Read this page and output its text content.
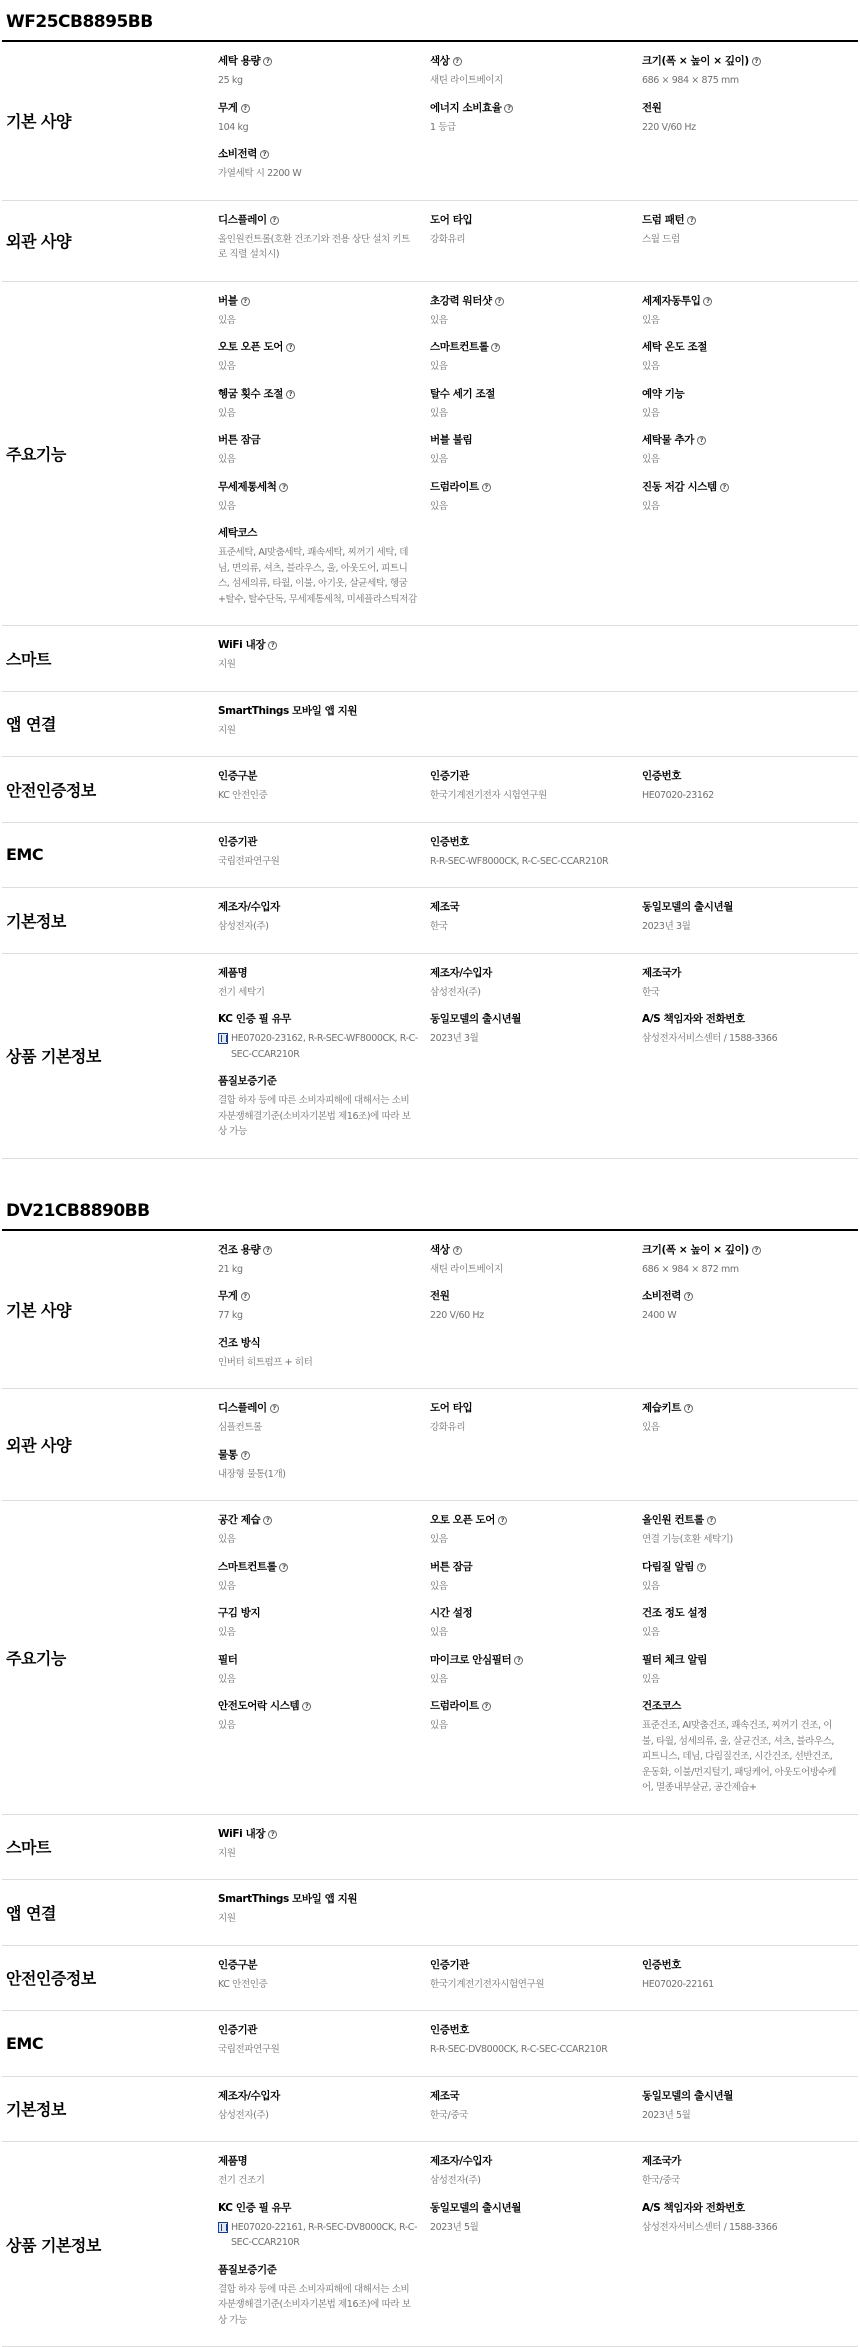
WF25CB8895BB
기본 사양
세탁 용량 ?
25 kg
색상 ?
새틴 라이트베이지
크기(폭 × 높이 × 깊이) ?
686 × 984 × 875 mm
무게 ?
104 kg
에너지 소비효율 ?
1 등급
전원
220 V/60 Hz
소비전력 ?
가열세탁 시 2200 W
외관 사양
디스플레이 ?
올인원컨트롤(호환 건조기와 전용 상단 설치 키트로 직렬 설치시)
도어 타입
강화유리
드럼 패턴 ?
스월 드럼
주요기능
버블 ?
있음
초강력 워터샷 ?
있음
세제자동투입 ?
있음
오토 오픈 도어 ?
있음
스마트컨트롤 ?
있음
세탁 온도 조절
있음
헹굼 횟수 조절 ?
있음
탈수 세기 조절
있음
예약 기능
있음
버튼 잠금
있음
버블 불림
있음
세탁물 추가 ?
있음
무세제통세척 ?
있음
드럼라이트 ?
있음
진동 저감 시스템 ?
있음
세탁코스
표준세탁, AI맞춤세탁, 쾌속세탁, 찌꺼기 세탁, 데님, 면의류, 셔츠, 블라우스, 울, 아웃도어, 피트니스, 섬세의류, 타월, 이불, 아기옷, 살균세탁, 헹굼+탈수, 탈수단독, 무세제통세척, 미세플라스틱저감
스마트
WiFi 내장 ?
지원
앱 연결
SmartThings 모바일 앱 지원
지원
안전인증정보
인증구분
KC 안전인증
인증기관
한국기계전기전자 시험연구원
인증번호
HE07020-23162
EMC
인증기관
국립전파연구원
인증번호
R-R-SEC-WF8000CK, R-C-SEC-CCAR210R
기본정보
제조자/수입자
삼성전자(주)
제조국
한국
동일모델의 출시년월
2023년 3월
상품 기본정보
제품명
전기 세탁기
제조자/수입자
삼성전자(주)
제조국가
한국
KC 인증 필 유무
HE07020-23162, R-R-SEC-WF8000CK, R-C-SEC-CCAR210R
동일모델의 출시년월
2023년 3월
A/S 책임자와 전화번호
삼성전자서비스센터 / 1588-3366
품질보증기준
결함 하자 등에 따른 소비자피해에 대해서는 소비자분쟁해결기준(소비자기본법 제16조)에 따라 보상 가능
DV21CB8890BB
기본 사양
건조 용량 ?
21 kg
색상 ?
새틴 라이트베이지
크기(폭 × 높이 × 깊이) ?
686 × 984 × 872 mm
무게 ?
77 kg
전원
220 V/60 Hz
소비전력 ?
2400 W
건조 방식
인버터 히트펌프 + 히터
외관 사양
디스플레이 ?
심플컨트롤
도어 타입
강화유리
제습키트 ?
있음
물통 ?
내장형 물통(1개)
주요기능
공간 제습 ?
있음
오토 오픈 도어 ?
있음
올인원 컨트롤 ?
연결 기능(호환 세탁기)
스마트컨트롤 ?
있음
버튼 잠금
있음
다림질 알림 ?
있음
구김 방지
있음
시간 설정
있음
건조 정도 설정
있음
필터
있음
마이크로 안심필터 ?
있음
필터 체크 알림
있음
안전도어락 시스템 ?
있음
드럼라이트 ?
있음
건조코스
표준건조, AI맞춤건조, 쾌속건조, 찌꺼기 건조, 이불, 타월, 섬세의류, 울, 살균건조, 셔츠, 블라우스, 피트니스, 데님, 다림질건조, 시간건조, 선반건조, 운동화, 이불/먼지털기, 패딩케어, 아웃도어방수케어, 멸종내부살균, 공간제습+
스마트
WiFi 내장 ?
지원
앱 연결
SmartThings 모바일 앱 지원
지원
안전인증정보
인증구분
KC 안전인증
인증기관
한국기계전기전자시험연구원
인증번호
HE07020-22161
EMC
인증기관
국립전파연구원
인증번호
R-R-SEC-DV8000CK, R-C-SEC-CCAR210R
기본정보
제조자/수입자
삼성전자(주)
제조국
한국/중국
동일모델의 출시년월
2023년 5월
상품 기본정보
제품명
전기 건조기
제조자/수입자
삼성전자(주)
제조국가
한국/중국
KC 인증 필 유무
HE07020-22161, R-R-SEC-DV8000CK, R-C-SEC-CCAR210R
동일모델의 출시년월
2023년 5월
A/S 책임자와 전화번호
삼성전자서비스센터 / 1588-3366
품질보증기준
결함 하자 등에 따른 소비자피해에 대해서는 소비자분쟁해결기준(소비자기본법 제16조)에 따라 보상 가능
